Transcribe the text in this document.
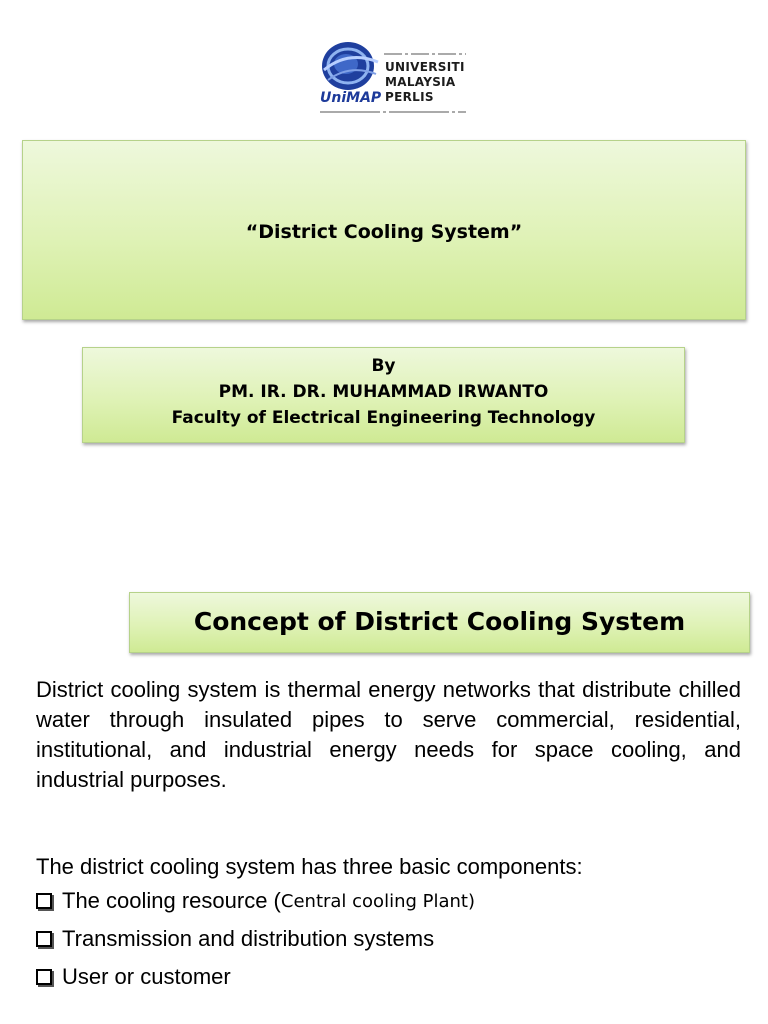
UniMAP
UNIVERSITI
MALAYSIA
PERLIS
“District Cooling System”
By
PM. IR. DR. MUHAMMAD IRWANTO
Faculty of Electrical Engineering Technology
Concept of District Cooling System
District cooling system is thermal energy networks that distribute chilled water through insulated pipes to serve commercial, residential, institutional, and industrial energy needs for space cooling, and industrial purposes.
The district cooling system has three basic components:
The cooling resource ( Central cooling Plant)
Transmission and distribution systems
User or customer
